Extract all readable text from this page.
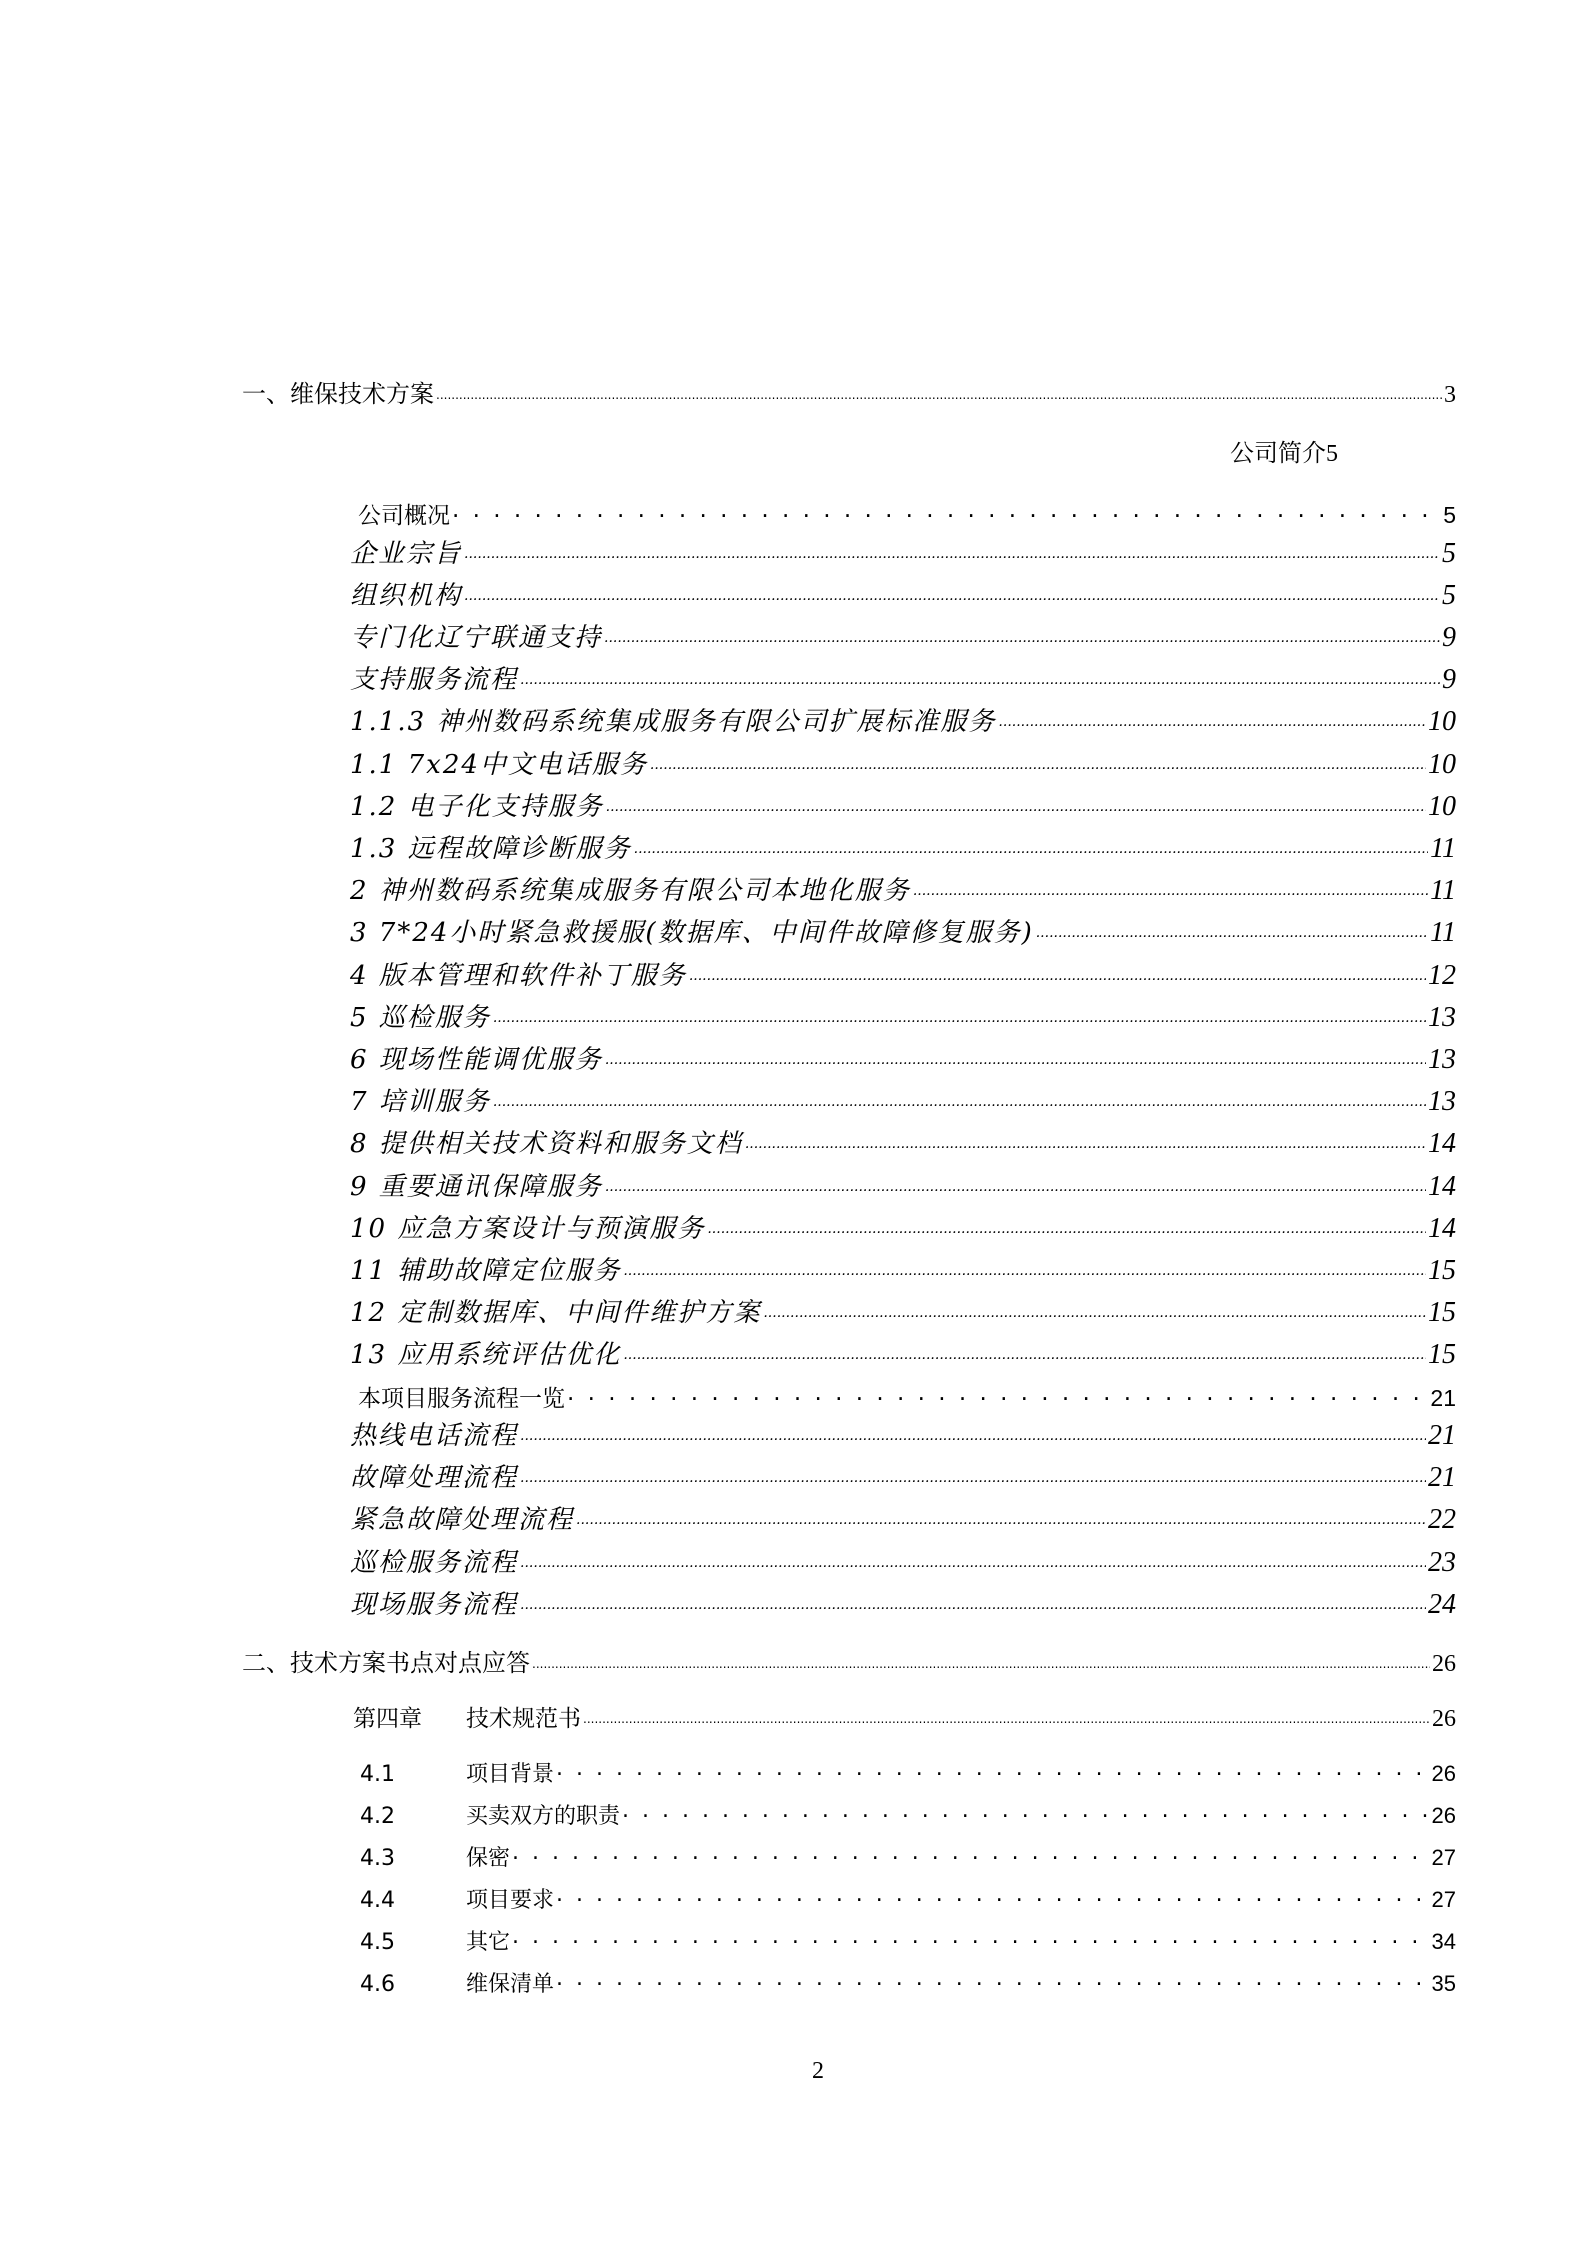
一、维保技术方案 .....	3
公司简介5
公司概况 . . .	5
企业宗旨 .....	5
组织机构 .....	5
专门化辽宁联通支持 .....	9
支持服务流程 .....	9
1.1.3 神州数码系统集成服务有限公司扩展标准服务 .....	10
1.1 7x24中文电话服务 .....	10
1.2 电子化支持服务 .....	10
1.3 远程故障诊断服务 .....	11
2 神州数码系统集成服务有限公司本地化服务 .....	11
3 7*24小时紧急救援服(数据库、中间件故障修复服务) .....	11
4 版本管理和软件补丁服务 .....	12
5 巡检服务 .....	13
6 现场性能调优服务 .....	13
7 培训服务 .....	13
8 提供相关技术资料和服务文档 .....	14
9 重要通讯保障服务 .....	14
10 应急方案设计与预演服务 .....	14
11 辅助故障定位服务 .....	15
12 定制数据库、中间件维护方案 .....	15
13 应用系统评估优化 .....	15
本项目服务流程一览 . . .	21
热线电话流程 .....	21
故障处理流程 .....	21
紧急故障处理流程 .....	22
巡检服务流程 .....	23
现场服务流程 .....	24
二、技术方案书点对点应答 .....	26
第四章 技术规范书 .....	26
4.1	项目背景 . . .	26
4.2	买卖双方的职责 . . .	26
4.3	保密 . . .	27
4.4	项目要求 . . .	27
4.5	其它 . . .	34
4.6	维保清单 . . .	35
2
